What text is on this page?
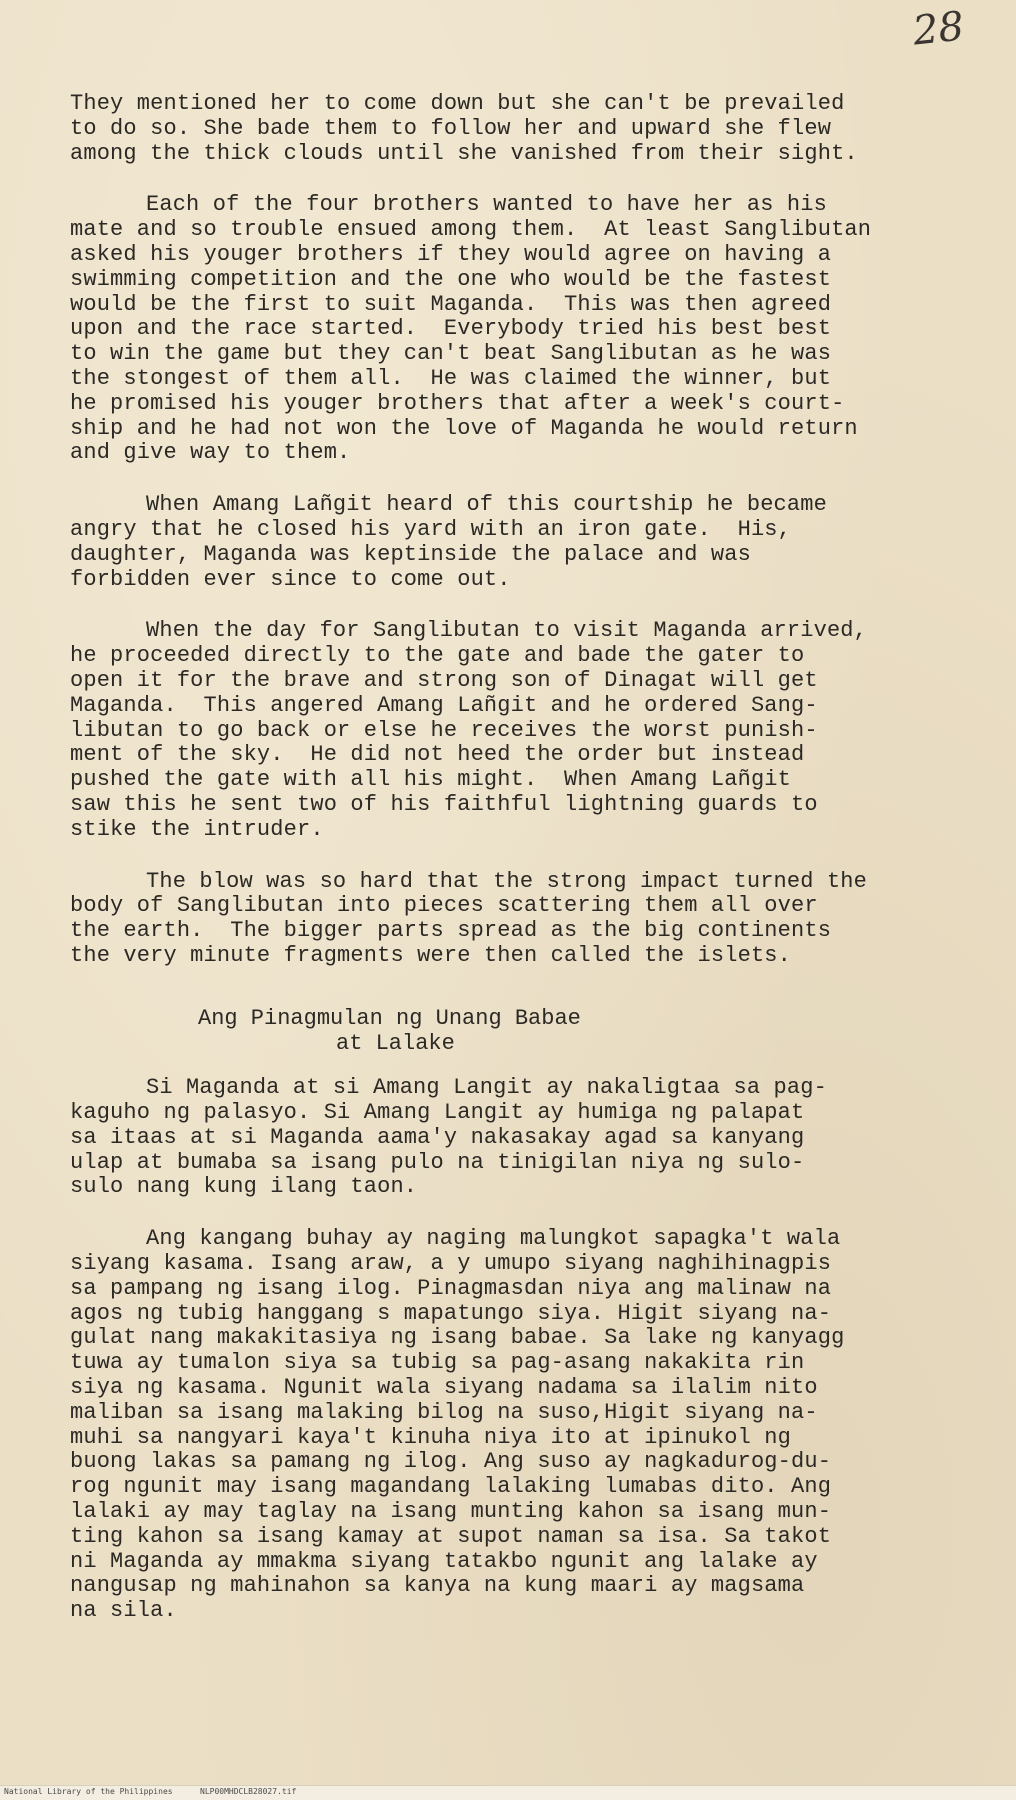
28

They mentioned her to come down but she can't be prevailed
to do so. She bade them to follow her and upward she flew
among the thick clouds until she vanished from their sight.

Each of the four brothers wanted to have her as his
mate and so trouble ensued among them.  At least Sanglibutan
asked his youger brothers if they would agree on having a
swimming competition and the one who would be the fastest
would be the first to suit Maganda.  This was then agreed
upon and the race started.  Everybody tried his best best
to win the game but they can't beat Sanglibutan as he was
the stongest of them all.  He was claimed the winner, but
he promised his youger brothers that after a week's court-
ship and he had not won the love of Maganda he would return
and give way to them.

When Amang Lañgit heard of this courtship he became
angry that he closed his yard with an iron gate.  His,
daughter, Maganda was keptinside the palace and was
forbidden ever since to come out.

When the day for Sanglibutan to visit Maganda arrived,
he proceeded directly to the gate and bade the gater to
open it for the brave and strong son of Dinagat will get
Maganda.  This angered Amang Lañgit and he ordered Sang-
libutan to go back or else he receives the worst punish-
ment of the sky.  He did not heed the order but instead
pushed the gate with all his might.  When Amang Lañgit
saw this he sent two of his faithful lightning guards to
stike the intruder.

The blow was so hard that the strong impact turned the
body of Sanglibutan into pieces scattering them all over
the earth.  The bigger parts spread as the big continents
the very minute fragments were then called the islets.

Ang Pinagmulan ng Unang Babae
at Lalake

Si Maganda at si Amang Langit ay nakaligtaa sa pag-
kaguho ng palasyo. Si Amang Langit ay humiga ng palapat
sa itaas at si Maganda aama'y nakasakay agad sa kanyang
ulap at bumaba sa isang pulo na tinigilan niya ng sulo-
sulo nang kung ilang taon.

Ang kangang buhay ay naging malungkot sapagka't wala
siyang kasama. Isang araw, a y umupo siyang naghihinagpis
sa pampang ng isang ilog. Pinagmasdan niya ang malinaw na
agos ng tubig hanggang s mapatungo siya. Higit siyang na-
gulat nang makakitasiya ng isang babae. Sa lake ng kanyagg
tuwa ay tumalon siya sa tubig sa pag-asang nakakita rin
siya ng kasama. Ngunit wala siyang nadama sa ilalim nito
maliban sa isang malaking bilog na suso,Higit siyang na-
muhi sa nangyari kaya't kinuha niya ito at ipinukol ng
buong lakas sa pamang ng ilog. Ang suso ay nagkadurog-du-
rog ngunit may isang magandang lalaking lumabas dito. Ang
lalaki ay may taglay na isang munting kahon sa isang mun-
ting kahon sa isang kamay at supot naman sa isa. Sa takot
ni Maganda ay mmakma siyang tatakbo ngunit ang lalake ay
nangusap ng mahinahon sa kanya na kung maari ay magsama
na sila.

National Library of the Philippines	NLP00MHDCLB28027.tif
